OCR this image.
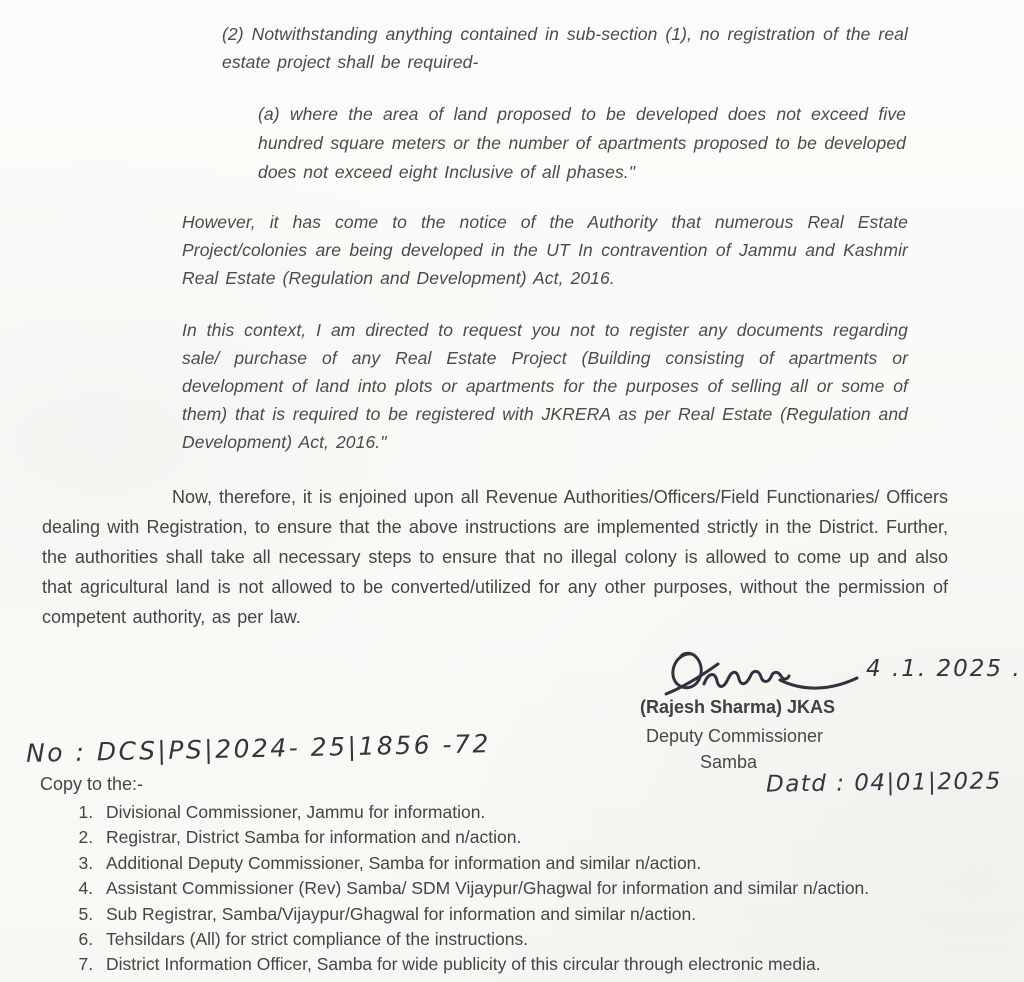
(2) Notwithstanding anything contained in sub-section (1), no registration of the real estate project shall be required-
(a) where the area of land proposed to be developed does not exceed five hundred square meters or the number of apartments proposed to be developed does not exceed eight Inclusive of all phases."
However, it has come to the notice of the Authority that numerous Real Estate Project/colonies are being developed in the UT In contravention of Jammu and Kashmir Real Estate (Regulation and Development) Act, 2016.
In this context, I am directed to request you not to register any documents regarding sale/ purchase of any Real Estate Project (Building consisting of apartments or development of land into plots or apartments for the purposes of selling all or some of them) that is required to be registered with JKRERA as per Real Estate (Regulation and Development) Act, 2016."
Now, therefore, it is enjoined upon all Revenue Authorities/Officers/Field Functionaries/ Officers dealing with Registration, to ensure that the above instructions are implemented strictly in the District. Further, the authorities shall take all necessary steps to ensure that no illegal colony is allowed to come up and also that agricultural land is not allowed to be converted/utilized for any other purposes, without the permission of competent authority, as per law.
4 .1. 2025 .
(Rajesh Sharma) JKAS
Deputy Commissioner
Samba
Datd : 04|01|2025
No : DCS|PS|2024- 25|1856 -72
Copy to the:-
1. Divisional Commissioner, Jammu for information.
2. Registrar, District Samba for information and n/action.
3. Additional Deputy Commissioner, Samba for information and similar n/action.
4. Assistant Commissioner (Rev) Samba/ SDM Vijaypur/Ghagwal for information and similar n/action.
5. Sub Registrar, Samba/Vijaypur/Ghagwal for information and similar n/action.
6. Tehsildars (All) for strict compliance of the instructions.
7. District Information Officer, Samba for wide publicity of this circular through electronic media.
